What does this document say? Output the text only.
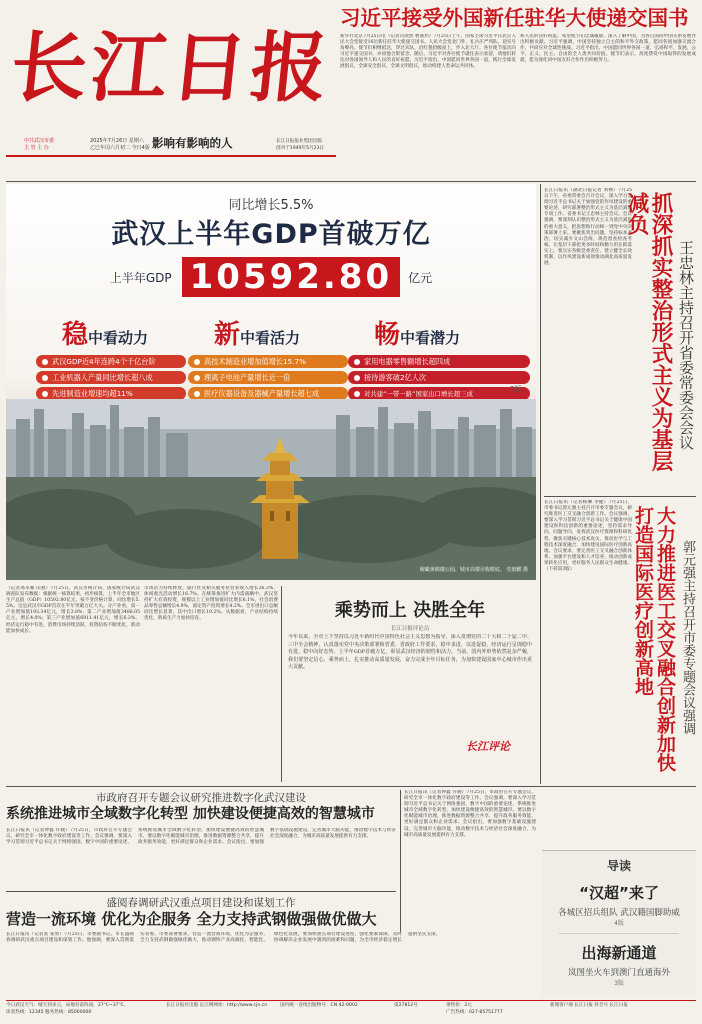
长江日报
中共武汉市委
主 管 主 办
2025年7月26日 星期六
乙巳年闰六月初二 今日4版 影响有影响的人	长江日报报业集团出版
创刊于1949年5月23日
习近平接受外国新任驻华大使递交国书
新华社北京7月25日电（记者冯歆然 曹嘉玥）7月25日上午，国家主席习近平在北京人民大会堂接受16位新任驻华大使递交国书。人民大会堂北门外，礼兵庄严列队。迎宾号角嘹亮。使节们相继抵达，穿过宾队，沿红毯拾级而上，步入北大厅。各位使节依次向习近平递交国书，并同他合影留念。随后，习近平对各位使节就任表示欢迎，请他们转达对各国领导人和人民的良好祝愿。习近平指出，中国愿同世界各国一道，践行全球发展倡议、全球安全倡议、全球文明倡议，推动构建人类命运共同体。
和人民的良好祝愿。希望使节们忠诚履职，深入了解中国，为各自国同中国关系发展作出积极贡献。习近平强调，中国坚持独立自主的和平外交政策，愿同各国加强交流合作，共同应对全球性挑战。习近平指出，中国愿同世界各国一道，弘扬和平、发展、公平、正义、民主、自由的全人类共同价值。使节们表示，高度赞赏中国取得的发展成就，愿为深化同中国友好合作作出积极努力。
同比增长5.5%
武汉上半年GDP首破万亿
上半年GDP 10592.80	亿元
稳中看动力
武汉GDP近4年连跨4个千亿台阶
工业机器人产量同比增长超八成
先进制造业增速均超11%
新中看活力
高技术制造业增加值增长15.7%
理离子电池产量增长近一倍
医疗仪器设备及器械产量增长超七成
畅中看潜力
家用电器零售额增长超四成
接待游客破2亿人次
对共建“一带一路”国家出口增长超三成
2版
俯瞰黄鹤楼公园、城市高楼尽收眼底。 党雨麒 摄
（记者邢永雁 田燕）7月25日，武汉市统计局、国家统计局武汉调查队发布数据：根据统一核算结果，初步核算，上半年全市地区生产总值（GDP）10592.80亿元，按不变价格计算，同比增长5.5%。这是武汉市GDP首次在半年突破万亿大关。分产业看，第一产业增加值193.34亿元，增长3.8%；第二产业增加值3488.05亿元，增长4.0%；第三产业增加值6911.41亿元，增长6.3%。经济运行稳中有进，消费市场持续活跃，投资结构不断优化，新动能加快成长。
市场活力持续释放，旅行社及相关服务业营业收入增长36.3%，休闲观光活动增长16.7%。在统筹推进扩大内需战略中，武汉坚持扩大有效投资，规模以上工业增加值同比增长6.1%，社会消费品零售总额增长4.9%，固定资产投资增长4.2%。全市进出口总额同比增长显著，其中出口增长19.2%。从数据看，产业结构持续优化，新质生产力加快培育。	乘势而上 决胜全年
长江日报评论员
今年以来，全市上下坚持以习近平新时代中国特色社会主义思想为指导，深入贯彻党的二十大和二十届二中、三中全会精神，认真落实党中央决策部署和省委、省政府工作要求，稳中求进、以进促稳，经济运行呈现稳中有进、稳中向好态势。上半年GDP首破万亿，彰显武汉经济的韧性和活力。当前，国内外形势依然复杂严峻，我们要坚定信心、乘势而上，扎实推动高质量发展，奋力完成全年目标任务，为加快建设国家中心城市作出更大贡献。
长江评论
长江日报讯（湖北日报记者 刘畅）7月25日下午，省委常委会召开会议，深入学习贯彻习近平总书记关于加强党的作风建设的重要论述，研究部署整治形式主义为基层减负专项工作。省委书记王忠林主持会议。会议强调，要深刻认识整治形式主义为基层减负的重大意义，把思想和行动统一到党中央决策部署上来。要聚焦突出问题，坚持标本兼治，切实减少文山会海，规范督查检查考核，让基层干部把更多时间和精力用在抓落实上。要压实各级党委责任，建立健全长效机制，以作风建设新成效推动湖北高质量发展。	抓深抓实整治形式主义为基层减负
王忠林主持召开省委常委会会议
长江日报讯（记者杨琳 李健）7月25日，市委书记郭元强主持召开市委专题会议，研究推进医工交叉融合创新工作。会议强调，要深入学习贯彻习近平总书记关于健康中国建设和科技创新的重要论述，坚持需求导向、问题导向，发挥武汉医疗资源和科研优势，聚焦关键核心技术攻关，推动医学与工程技术深度融合，加快建设国际医疗创新高地。会议要求，要完善医工交叉融合创新体系，加强平台建设和人才培养，推动创新成果转化应用，更好服务人民群众生命健康。（下转第3版）	大力推进医工交叉融合创新加快打造国际医疗创新高地	郭元强主持召开市委专题会议强调
市政府召开专题会议研究推进数字化武汉建设
系统推进城市全域数字化转型 加快建设便捷高效的智慧城市
长江日报讯（记者钟鑫 许晓）7月25日，市政府召开专题会议，研究全市一体化数字政府建设等工作。会议强调，要深入学习贯彻习近平总书记关于网络强国、数字中国的重要论述，系统推进城市全域数字化转型，加快建设便捷高效的智慧城市。要以数字化赋能城市治理，推进数据资源整合共享，提升政务服务效能，更好满足群众和企业需求。会议指出，要加强数字基础设施建设，完善城市大脑功能，推动数字技术与经济社会深度融合，为城市高质量发展提供有力支撑。
盛阅春调研武汉重点项目建设和谋划工作
营造一流环境 优化为企服务 全力支持武钢做强做优做大
长江日报讯（记者张 张勇）7月25日，市委副书记、市长盛阅春调研武汉重点项目建设和谋划工作。他强调，要深入贯彻落实省委、市委部署要求，营造一流营商环境，优化为企服务，全力支持武钢做强做优做大，推动钢铁产业高端化、智能化、绿色化发展。要加快重点项目建设进度，强化要素保障，及时协调解决企业发展中遇到的困难和问题，为全市经济稳定增长提供坚实支撑。
长江日报讯（记者钟鑫 许晓）7月25日，市政府召开专题会议，研究全市一体化数字政府建设等工作。会议强调，要深入学习贯彻习近平总书记关于网络强国、数字中国的重要论述，系统推进城市全域数字化转型，加快建设便捷高效的智慧城市。要以数字化赋能城市治理，推进数据资源整合共享，提升政务服务效能，更好满足群众和企业需求。会议指出，要加强数字基础设施建设，完善城市大脑功能，推动数字技术与经济社会深度融合，为城市高质量发展提供有力支撑。
导读
“汉超”来了
各城区招兵组队 武汉籍国脚助威
4版
出海新通道
岚图坐火车到澳门直通海外
3版
今日武汉天气：晴天到多云，局地有雷阵雨，27℃~37℃。
读者热线：12345 服务热线：85000000
长江日报社出版 长江网网址：http://www.cjn.cn	国内统一连续出版物号：CN 42-0002	第27812号	零售价：2元
广告热线：027-85751777
新闻客户端 长江日报 抖音号 长江日报
